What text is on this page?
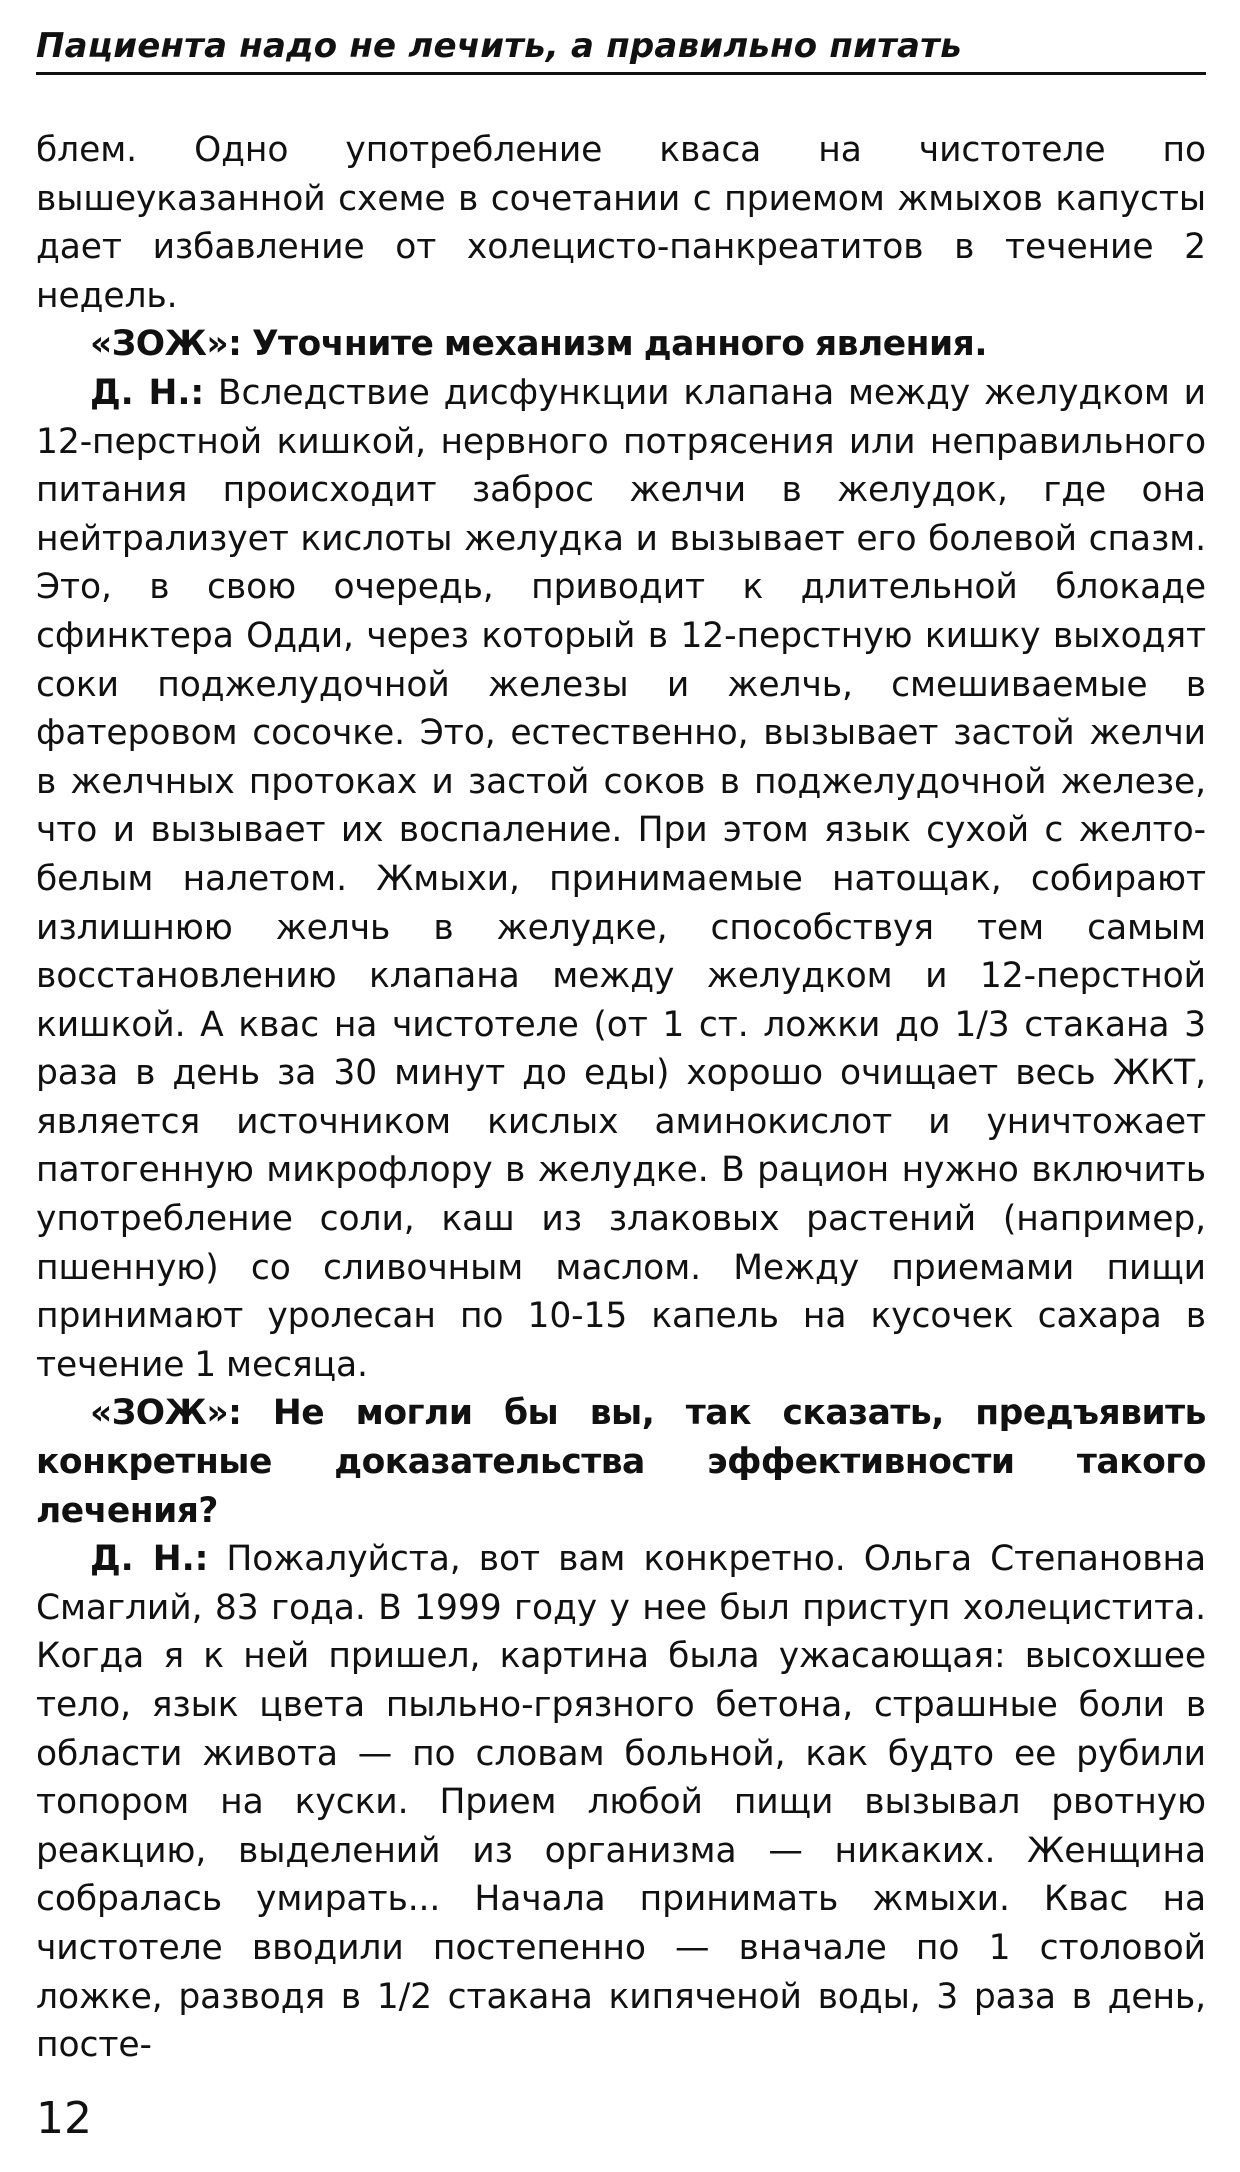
Пациента надо не лечить, а правильно питать

блем. Одно употребление кваса на чистотеле по вышеуказанной схеме в сочетании с приемом жмыхов капусты дает избавление от холецисто-панкреатитов в течение 2 недель.

«ЗОЖ»: Уточните механизм данного явления.

Д. Н.: Вследствие дисфункции клапана между желудком и 12-перстной кишкой, нервного потрясения или неправильного питания происходит заброс желчи в желудок, где она нейтрализует кислоты желудка и вызывает его болевой спазм. Это, в свою очередь, приводит к длительной блокаде сфинктера Одди, через который в 12-перстную кишку выходят соки поджелудочной железы и желчь, смешиваемые в фатеровом сосочке. Это, естественно, вызывает застой желчи в желчных протоках и застой соков в поджелудочной железе, что и вызывает их воспаление. При этом язык сухой с желто-белым налетом. Жмыхи, принимаемые натощак, собирают излишнюю желчь в желудке, способствуя тем самым восстановлению клапана между желудком и 12-перстной кишкой. А квас на чистотеле (от 1 ст. ложки до 1/3 стакана 3 раза в день за 30 минут до еды) хорошо очищает весь ЖКТ, является источником кислых аминокислот и уничтожает патогенную микрофлору в желудке. В рацион нужно включить употребление соли, каш из злаковых растений (например, пшенную) со сливочным маслом. Между приемами пищи принимают уролесан по 10-15 капель на кусочек сахара в течение 1 месяца.

«ЗОЖ»: Не могли бы вы, так сказать, предъявить конкретные доказательства эффективности такого лечения?

Д. Н.: Пожалуйста, вот вам конкретно. Ольга Степановна Смаглий, 83 года. В 1999 году у нее был приступ холецистита. Когда я к ней пришел, картина была ужасающая: высохшее тело, язык цвета пыльно-грязного бетона, страшные боли в области живота — по словам больной, как будто ее рубили топором на куски. Прием любой пищи вызывал рвотную реакцию, выделений из организма — никаких. Женщина собралась умирать... Начала принимать жмыхи. Квас на чистотеле вводили постепенно — вначале по 1 столовой ложке, разводя в 1/2 стакана кипяченой воды, 3 раза в день, посте-

12
